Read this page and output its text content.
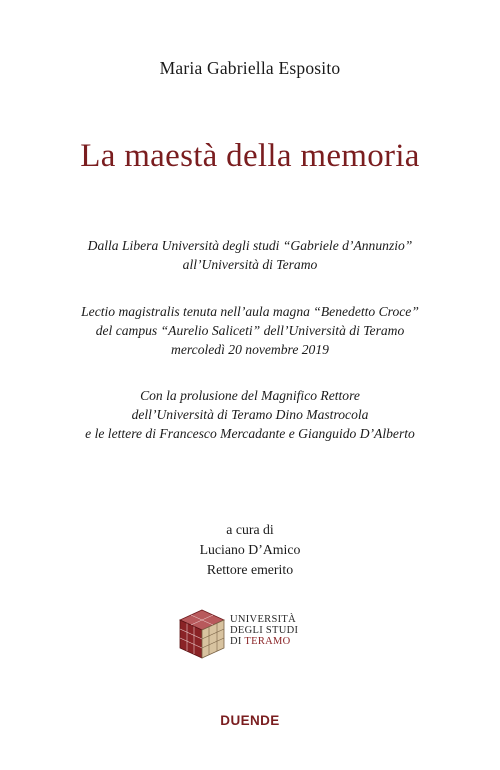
Maria Gabriella Esposito
La maestà della memoria
Dalla Libera Università degli studi “Gabriele d’Annunzio”
all’Università di Teramo
Lectio magistralis tenuta nell’aula magna “Benedetto Croce”
del campus “Aurelio Saliceti” dell’Università di Teramo
mercoledì 20 novembre 2019
Con la prolusione del Magnifico Rettore
dell’Università di Teramo Dino Mastrocola
e le lettere di Francesco Mercadante e Gianguido D’Alberto
a cura di
Luciano D’Amico
Rettore emerito
UNIVERSITÀ
DEGLI STUDI
DI TERAMO
DUENDE
